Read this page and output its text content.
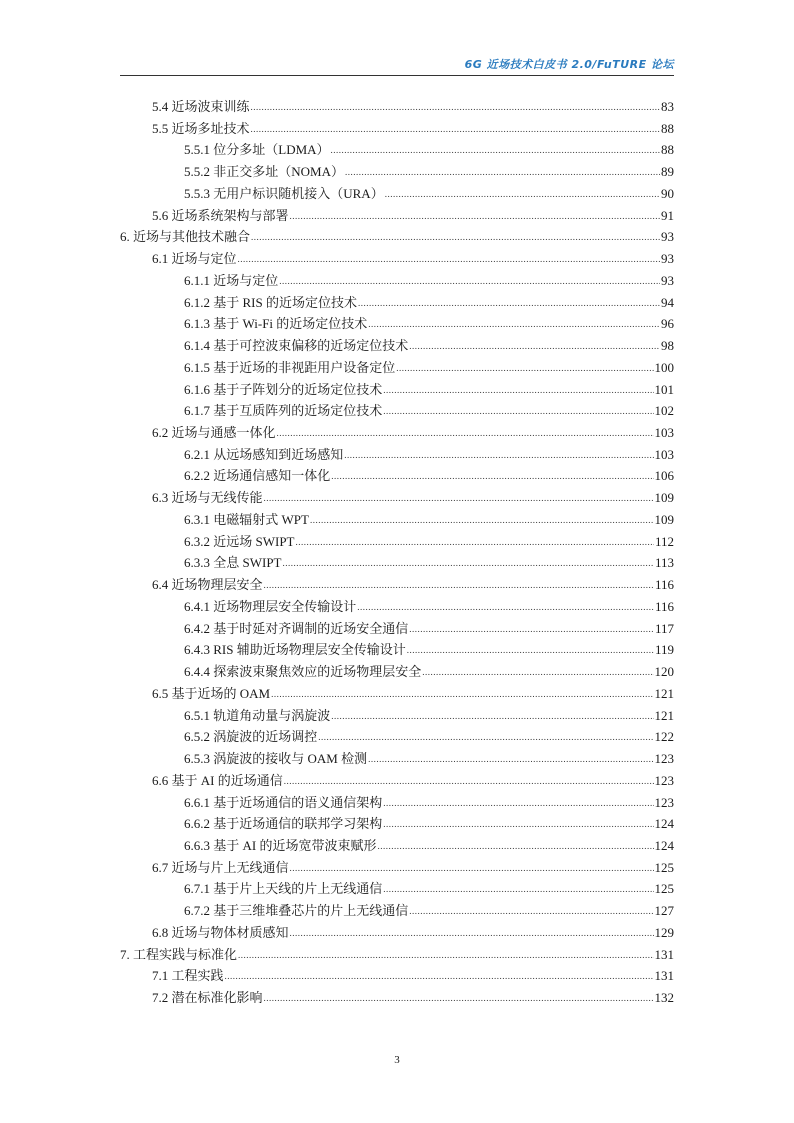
6G 近场技术白皮书 2.0/FuTURE 论坛
5.4 近场波束训练 .....	83
5.5 近场多址技术 .....	88
5.5.1 位分多址（LDMA） .....	88
5.5.2 非正交多址（NOMA） .....	89
5.5.3 无用户标识随机接入（URA） .....	90
5.6 近场系统架构与部署 .....	91
6. 近场与其他技术融合 .....	93
6.1 近场与定位 .....	93
6.1.1 近场与定位 .....	93
6.1.2 基于 RIS 的近场定位技术 .....	94
6.1.3 基于 Wi-Fi 的近场定位技术 .....	96
6.1.4 基于可控波束偏移的近场定位技术 .....	98
6.1.5 基于近场的非视距用户设备定位 .....	100
6.1.6 基于子阵划分的近场定位技术 .....	101
6.1.7 基于互质阵列的近场定位技术 .....	102
6.2 近场与通感一体化 .....	103
6.2.1 从远场感知到近场感知 .....	103
6.2.2 近场通信感知一体化 .....	106
6.3 近场与无线传能 .....	109
6.3.1 电磁辐射式 WPT .....	109
6.3.2 近远场 SWIPT .....	112
6.3.3 全息 SWIPT .....	113
6.4 近场物理层安全 .....	116
6.4.1 近场物理层安全传输设计 .....	116
6.4.2 基于时延对齐调制的近场安全通信 .....	117
6.4.3 RIS 辅助近场物理层安全传输设计 .....	119
6.4.4 探索波束聚焦效应的近场物理层安全 .....	120
6.5 基于近场的 OAM .....	121
6.5.1 轨道角动量与涡旋波 .....	121
6.5.2 涡旋波的近场调控 .....	122
6.5.3 涡旋波的接收与 OAM 检测 .....	123
6.6 基于 AI 的近场通信 .....	123
6.6.1 基于近场通信的语义通信架构 .....	123
6.6.2 基于近场通信的联邦学习架构 .....	124
6.6.3 基于 AI 的近场宽带波束赋形 .....	124
6.7 近场与片上无线通信 .....	125
6.7.1 基于片上天线的片上无线通信 .....	125
6.7.2 基于三维堆叠芯片的片上无线通信 .....	127
6.8 近场与物体材质感知 .....	129
7. 工程实践与标准化 .....	131
7.1 工程实践 .....	131
7.2 潜在标准化影响 .....	132
3
